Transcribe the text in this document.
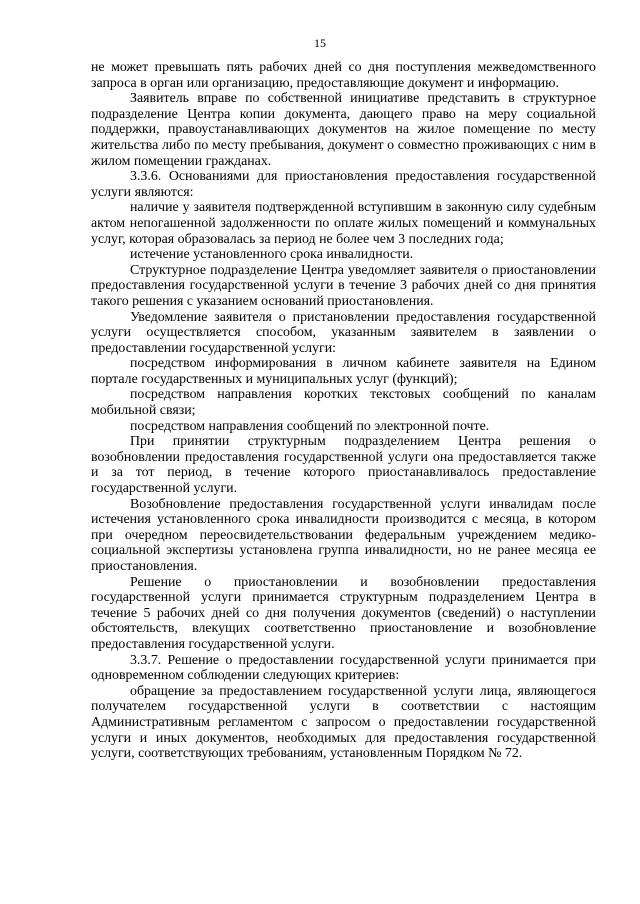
15

не может превышать пять рабочих дней со дня поступления межведомственного запроса в орган или организацию, предоставляющие документ и информацию.

Заявитель вправе по собственной инициативе представить в структурное подразделение Центра копии документа, дающего право на меру социальной поддержки, правоустанавливающих документов на жилое помещение по месту жительства либо по месту пребывания, документ о совместно проживающих с ним в жилом помещении гражданах.

3.3.6. Основаниями для приостановления предоставления государственной услуги являются:

наличие у заявителя подтвержденной вступившим в законную силу судебным актом непогашенной задолженности по оплате жилых помещений и коммунальных услуг, которая образовалась за период не более чем 3 последних года;

истечение установленного срока инвалидности.

Структурное подразделение Центра уведомляет заявителя о приостановлении предоставления государственной услуги в течение 3 рабочих дней со дня принятия такого решения с указанием оснований приостановления.

Уведомление заявителя о пристановлении предоставления государственной услуги осуществляется способом, указанным заявителем в заявлении о предоставлении государственной услуги:

посредством информирования в личном кабинете заявителя на Едином портале государственных и муниципальных услуг (функций);

посредством направления коротких текстовых сообщений по каналам мобильной связи;

посредством направления сообщений по электронной почте.

При принятии структурным подразделением Центра решения о возобновлении предоставления государственной услуги она предоставляется также и за тот период, в течение которого приостанавливалось предоставление государственной услуги.

Возобновление предоставления государственной услуги инвалидам после истечения установленного срока инвалидности производится с месяца, в котором при очередном переосвидетельствовании федеральным учреждением медико-социальной экспертизы установлена группа инвалидности, но не ранее месяца ее приостановления.

Решение о приостановлении и возобновлении предоставления государственной услуги принимается структурным подразделением Центра в течение 5 рабочих дней со дня получения документов (сведений) о наступлении обстоятельств, влекущих соответственно приостановление и возобновление предоставления государственной услуги.

3.3.7. Решение о предоставлении государственной услуги принимается при одновременном соблюдении следующих критериев:

обращение за предоставлением государственной услуги лица, являющегося получателем государственной услуги в соответствии с настоящим Административным регламентом с запросом о предоставлении государственной услуги и иных документов, необходимых для предоставления государственной услуги, соответствующих требованиям, установленным Порядком № 72.
